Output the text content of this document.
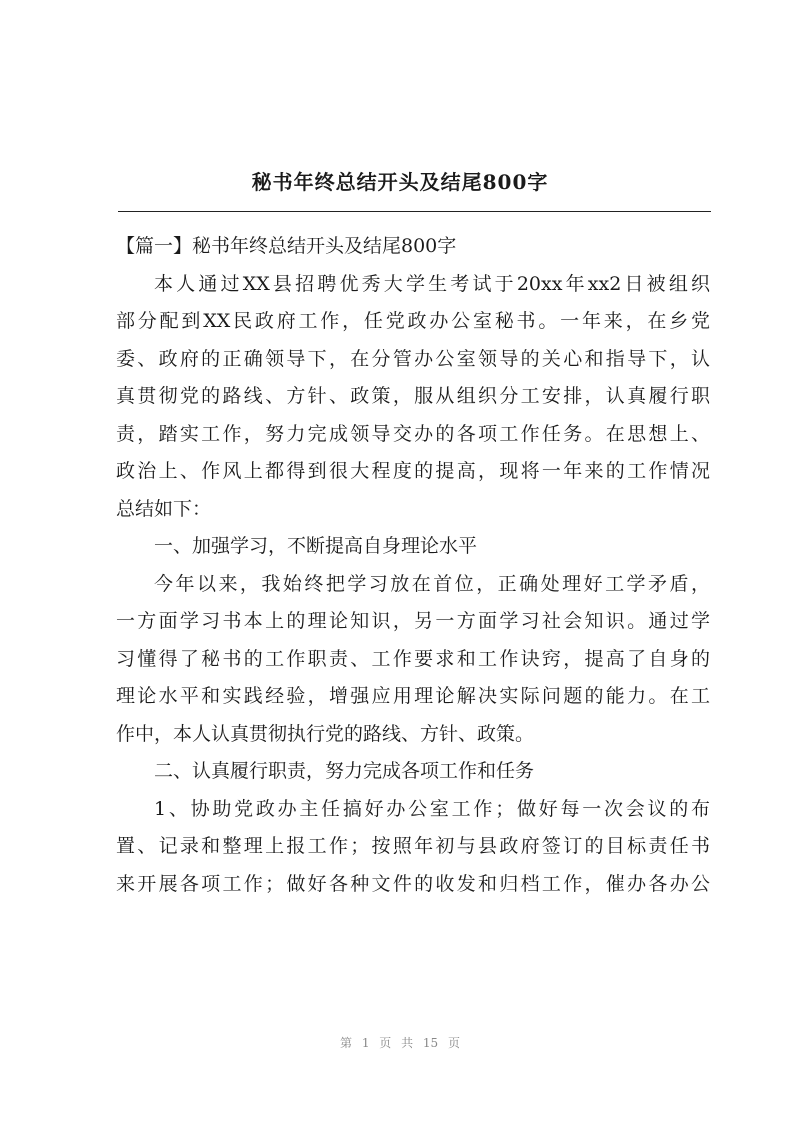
秘书年终总结开头及结尾800字
【篇一】秘书年终总结开头及结尾800字
本人通过XX县招聘优秀大学生考试于20xx年xx2日被组织
部分配到XX民政府工作，任党政办公室秘书。一年来，在乡党
委、政府的正确领导下，在分管办公室领导的关心和指导下，认
真贯彻党的路线、方针、政策，服从组织分工安排，认真履行职
责，踏实工作，努力完成领导交办的各项工作任务。在思想上、
政治上、作风上都得到很大程度的提高，现将一年来的工作情况
总结如下：
一、加强学习，不断提高自身理论水平
今年以来，我始终把学习放在首位，正确处理好工学矛盾，
一方面学习书本上的理论知识，另一方面学习社会知识。通过学
习懂得了秘书的工作职责、工作要求和工作诀窍，提高了自身的
理论水平和实践经验，增强应用理论解决实际问题的能力。在工
作中，本人认真贯彻执行党的路线、方针、政策。
二、认真履行职责，努力完成各项工作和任务
1、协助党政办主任搞好办公室工作；做好每一次会议的布
置、记录和整理上报工作；按照年初与县政府签订的目标责任书
来开展各项工作；做好各种文件的收发和归档工作，催办各办公
第 1 页 共 15 页
